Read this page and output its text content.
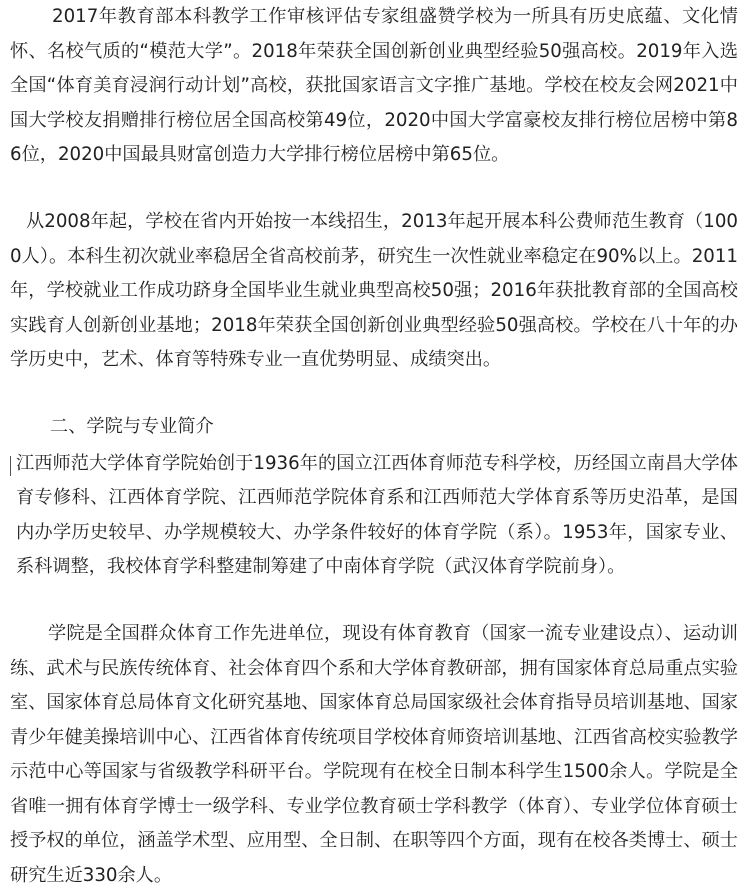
2017年教育部本科教学工作审核评估专家组盛赞学校为一所具有历史底蕴、文化情怀、名校气质的“模范大学”。2018年荣获全国创新创业典型经验50强高校。2019年入选全国“体育美育浸润行动计划”高校，获批国家语言文字推广基地。学校在校友会网2021中国大学校友捐赠排行榜位居全国高校第49位，2020中国大学富豪校友排行榜位居榜中第86位，2020中国最具财富创造力大学排行榜位居榜中第65位。

从2008年起，学校在省内开始按一本线招生，2013年起开展本科公费师范生教育（1000人）。本科生初次就业率稳居全省高校前茅，研究生一次性就业率稳定在90%以上。2011年，学校就业工作成功跻身全国毕业生就业典型高校50强；2016年获批教育部的全国高校实践育人创新创业基地；2018年荣获全国创新创业典型经验50强高校。学校在八十年的办学历史中，艺术、体育等特殊专业一直优势明显、成绩突出。

二、学院与专业简介

江西师范大学体育学院始创于1936年的国立江西体育师范专科学校，历经国立南昌大学体育专修科、江西体育学院、江西师范学院体育系和江西师范大学体育系等历史沿革，是国内办学历史较早、办学规模较大、办学条件较好的体育学院（系）。1953年，国家专业、系科调整，我校体育学科整建制筹建了中南体育学院（武汉体育学院前身）。

学院是全国群众体育工作先进单位，现设有体育教育（国家一流专业建设点）、运动训练、武术与民族传统体育、社会体育四个系和大学体育教研部，拥有国家体育总局重点实验室、国家体育总局体育文化研究基地、国家体育总局国家级社会体育指导员培训基地、国家青少年健美操培训中心、江西省体育传统项目学校体育师资培训基地、江西省高校实验教学示范中心等国家与省级教学科研平台。学院现有在校全日制本科学生1500余人。学院是全省唯一拥有体育学博士一级学科、专业学位教育硕士学科教学（体育）、专业学位体育硕士授予权的单位，涵盖学术型、应用型、全日制、在职等四个方面，现有在校各类博士、硕士研究生近330余人。
